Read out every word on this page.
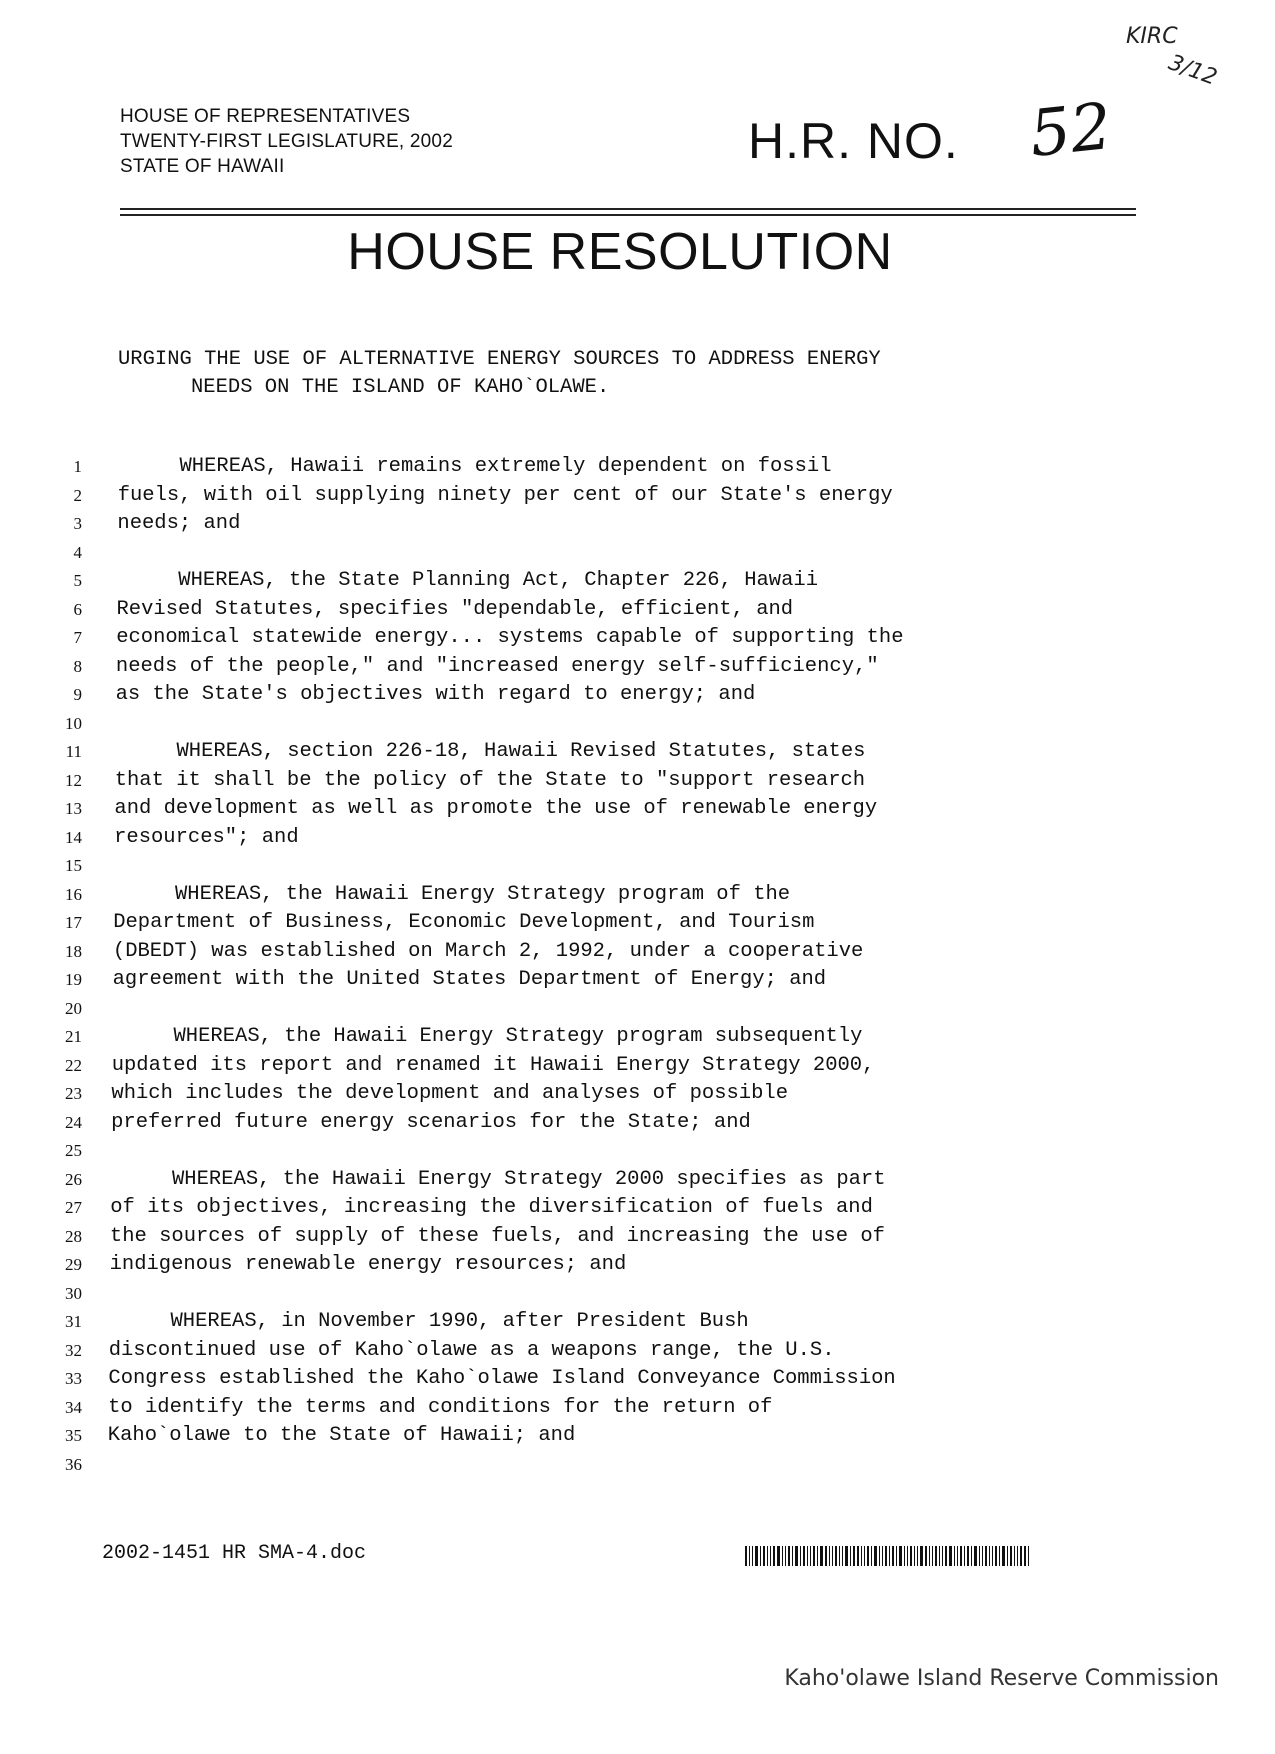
HOUSE OF REPRESENTATIVES
TWENTY-FIRST LEGISLATURE, 2002
STATE OF HAWAII	H.R. NO. 52
KIRC
3/12
HOUSE RESOLUTION
URGING THE USE OF ALTERNATIVE ENERGY SOURCES TO ADDRESS ENERGY
NEEDS ON THE ISLAND OF KAHO`OLAWE.
1 WHEREAS, Hawaii remains extremely dependent on fossil
2 fuels, with oil supplying ninety per cent of our State's energy
3 needs; and
4
5 WHEREAS, the State Planning Act, Chapter 226, Hawaii
6 Revised Statutes, specifies "dependable, efficient, and
7 economical statewide energy... systems capable of supporting the
8 needs of the people," and "increased energy self-sufficiency,"
9 as the State's objectives with regard to energy; and
10
11 WHEREAS, section 226-18, Hawaii Revised Statutes, states
12 that it shall be the policy of the State to "support research
13 and development as well as promote the use of renewable energy
14 resources"; and
15
16 WHEREAS, the Hawaii Energy Strategy program of the
17 Department of Business, Economic Development, and Tourism
18 (DBEDT) was established on March 2, 1992, under a cooperative
19 agreement with the United States Department of Energy; and
20
21 WHEREAS, the Hawaii Energy Strategy program subsequently
22 updated its report and renamed it Hawaii Energy Strategy 2000,
23 which includes the development and analyses of possible
24 preferred future energy scenarios for the State; and
25
26 WHEREAS, the Hawaii Energy Strategy 2000 specifies as part
27 of its objectives, increasing the diversification of fuels and
28 the sources of supply of these fuels, and increasing the use of
29 indigenous renewable energy resources; and
30
31 WHEREAS, in November 1990, after President Bush
32 discontinued use of Kaho`olawe as a weapons range, the U.S.
33 Congress established the Kaho`olawe Island Conveyance Commission
34 to identify the terms and conditions for the return of
35 Kaho`olawe to the State of Hawaii; and
36
2002-1451 HR SMA-4.doc
Kaho'olawe Island Reserve Commission
